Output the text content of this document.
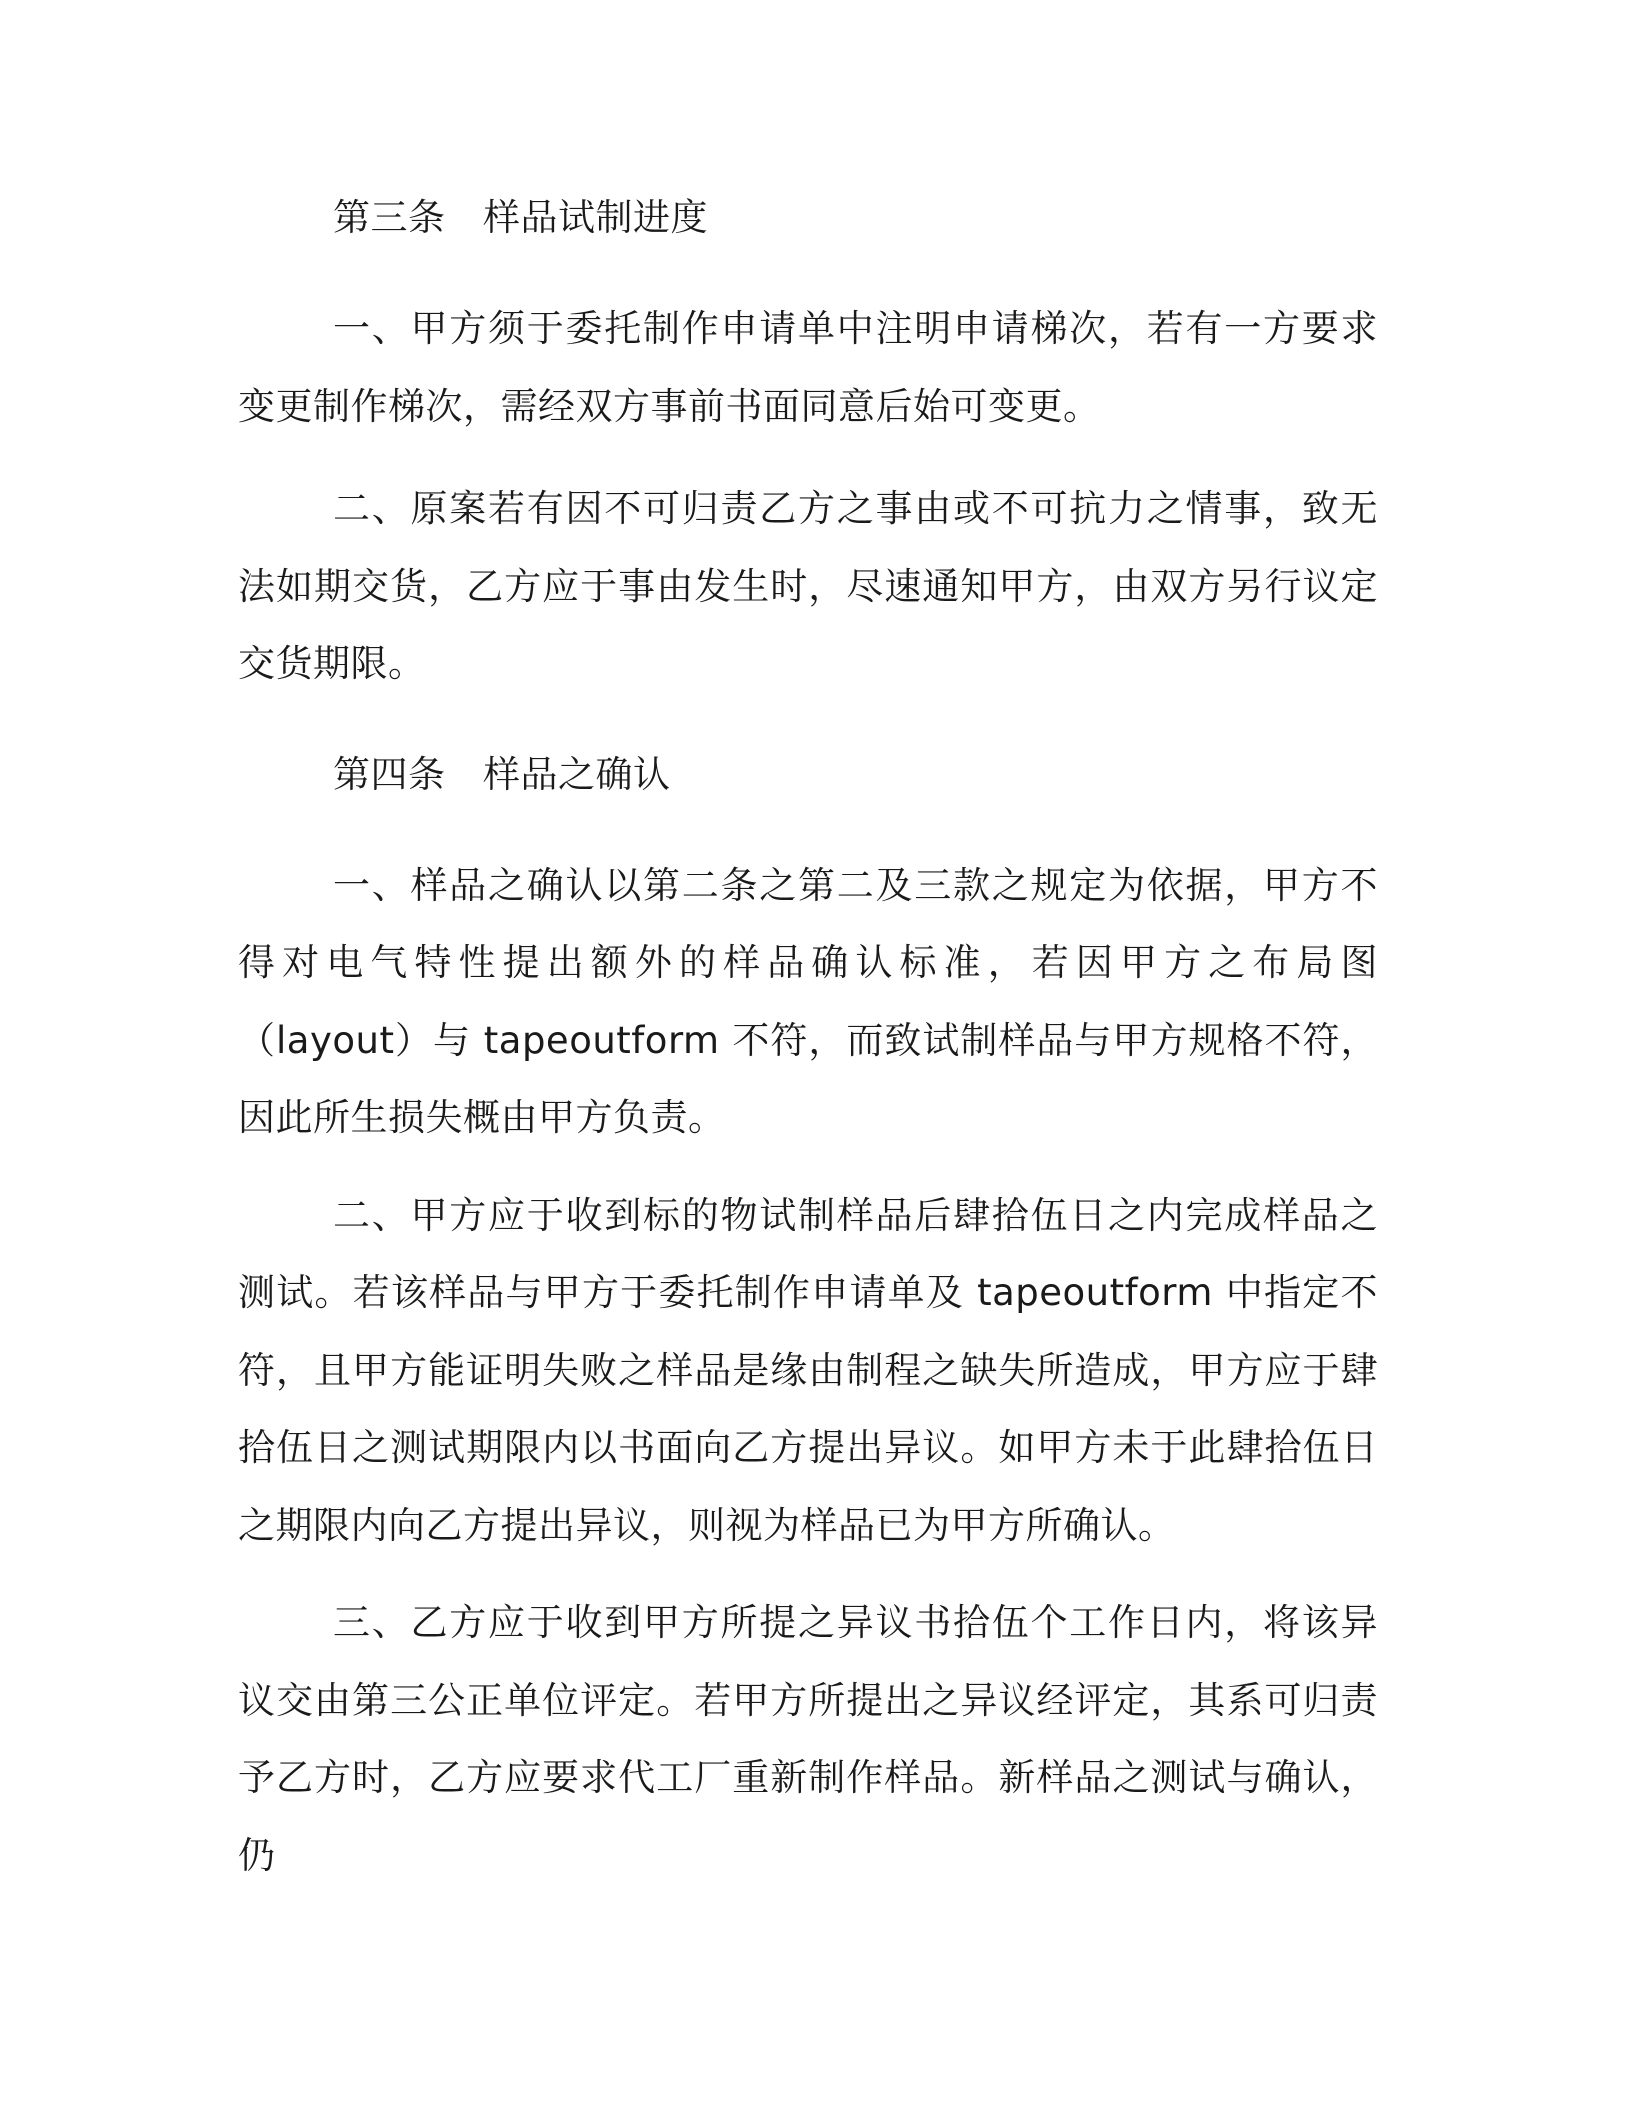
第三条　样品试制进度

一、甲方须于委托制作申请单中注明申请梯次，若有一方要求变更制作梯次，需经双方事前书面同意后始可变更。

二、原案若有因不可归责乙方之事由或不可抗力之情事，致无法如期交货，乙方应于事由发生时，尽速通知甲方，由双方另行议定交货期限。

第四条　样品之确认

一、样品之确认以第二条之第二及三款之规定为依据，甲方不得对电气特性提出额外的样品确认标准，若因甲方之布局图（layout）与 tapeoutform 不符，而致试制样品与甲方规格不符，因此所生损失概由甲方负责。

二、甲方应于收到标的物试制样品后肆拾伍日之内完成样品之测试。若该样品与甲方于委托制作申请单及 tapeoutform 中指定不符，且甲方能证明失败之样品是缘由制程之缺失所造成，甲方应于肆拾伍日之测试期限内以书面向乙方提出异议。如甲方未于此肆拾伍日之期限内向乙方提出异议，则视为样品已为甲方所确认。

三、乙方应于收到甲方所提之异议书拾伍个工作日内，将该异议交由第三公正单位评定。若甲方所提出之异议经评定，其系可归责予乙方时，乙方应要求代工厂重新制作样品。新样品之测试与确认，仍
